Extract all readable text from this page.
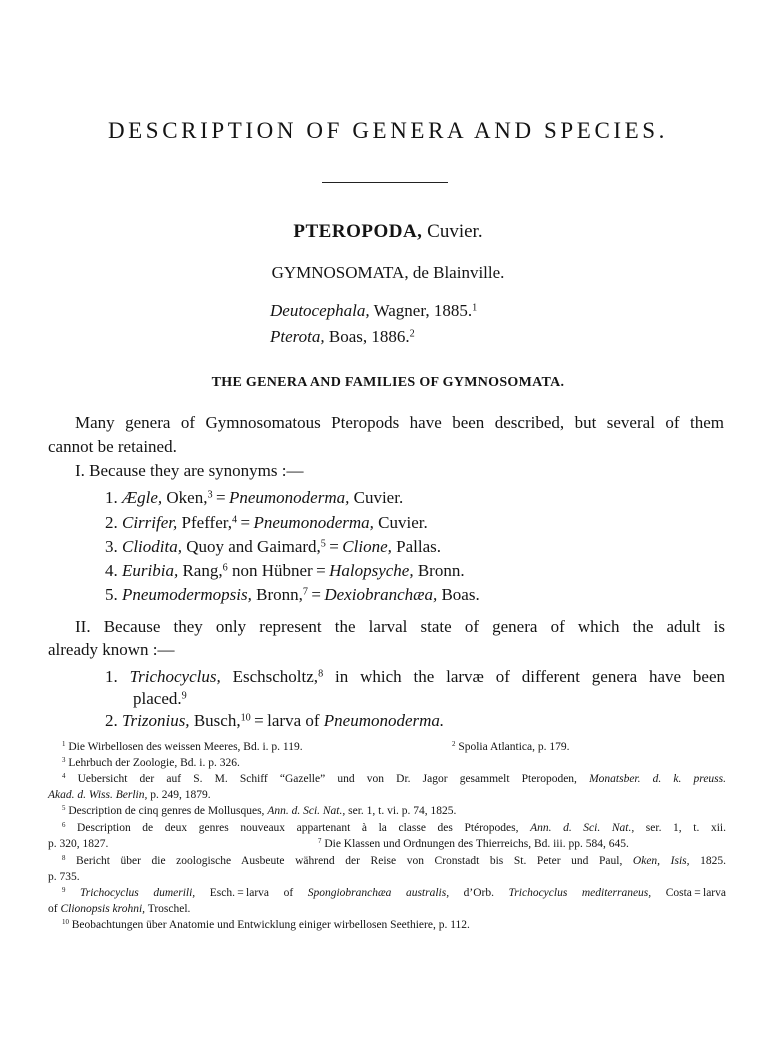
DESCRIPTION OF GENERA AND SPECIES.
PTEROPODA, Cuvier.
GYMNOSOMATA, de Blainville.
Deutocephala, Wagner, 1885.$^1$
Pterota, Boas, 1886.$^2$
THE GENERA AND FAMILIES OF GYMNOSOMATA.
Many genera of Gymnosomatous Pteropods have been described, but several of them
cannot be retained.
I. Because they are synonyms :—
1. Ægle, Oken,$^3$ = Pneumonoderma, Cuvier.
2. Cirrifer, Pfeffer,$^4$ = Pneumonoderma, Cuvier.
3. Cliodita, Quoy and Gaimard,$^5$ = Clione, Pallas.
4. Euribia, Rang,$^6$ non Hübner = Halopsyche, Bronn.
5. Pneumodermopsis, Bronn,$^7$ = Dexiobranchæa, Boas.
II. Because they only represent the larval state of genera of which the adult is
already known :—
1. Trichocyclus, Eschscholtz,$^8$ in which the larvæ of different genera have been
placed.$^9$
2. Trizonius, Busch,$^{10}$ = larva of Pneumonoderma.
$^1$ Die Wirbellosen des weissen Meeres, Bd. i. p. 119.	$^2$ Spolia Atlantica, p. 179.
$^3$ Lehrbuch der Zoologie, Bd. i. p. 326.
$^4$ Uebersicht der auf S. M. Schiff “Gazelle” und von Dr. Jagor gesammelt Pteropoden, Monatsber. d. k. preuss.
Akad. d. Wiss. Berlin, p. 249, 1879.
$^5$ Description de cinq genres de Mollusques, Ann. d. Sci. Nat., ser. 1, t. vi. p. 74, 1825.
$^6$ Description de deux genres nouveaux appartenant à la classe des Ptéropodes, Ann. d. Sci. Nat., ser. 1, t. xii.
p. 320, 1827.	$^7$ Die Klassen und Ordnungen des Thierreichs, Bd. iii. pp. 584, 645.
$^8$ Bericht über die zoologische Ausbeute während der Reise von Cronstadt bis St. Peter und Paul, Oken, Isis, 1825.
p. 735.
$^9$ Trichocyclus dumerili, Esch. = larva of Spongiobranchæa australis, d’Orb. Trichocyclus mediterraneus, Costa = larva
of Clionopsis krohni, Troschel.
$^{10}$ Beobachtungen über Anatomie und Entwicklung einiger wirbellosen Seethiere, p. 112.
